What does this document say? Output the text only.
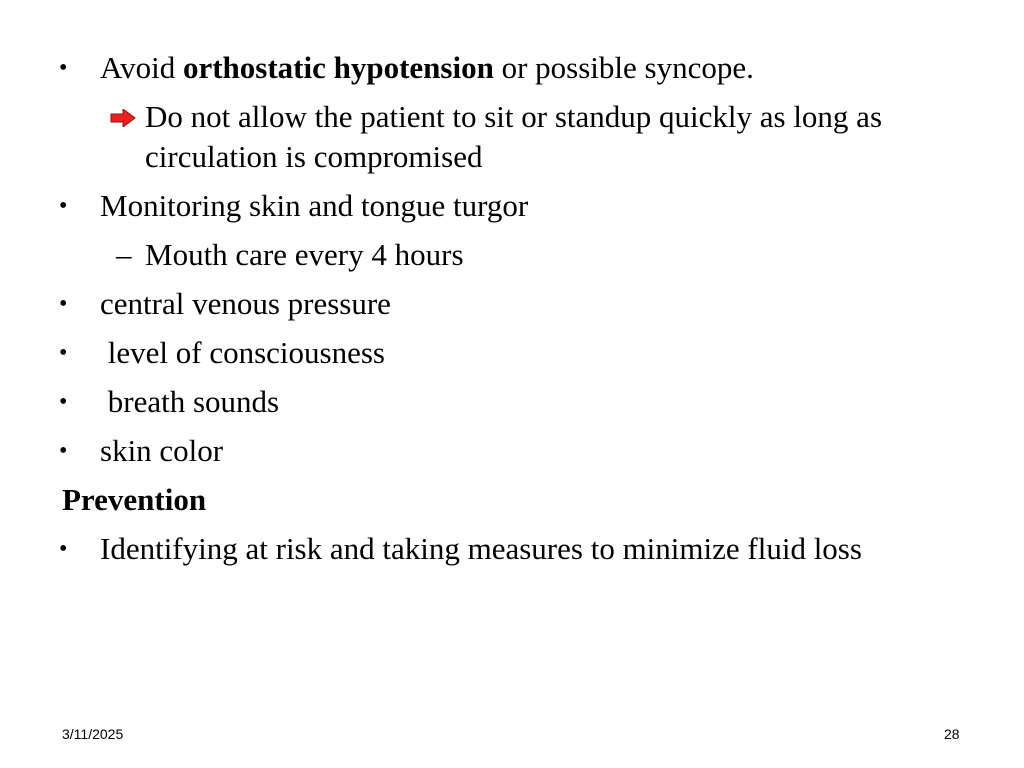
• Avoid orthostatic hypotension or possible syncope.
Do not allow the patient to sit or standup quickly as long as
circulation is compromised
• Monitoring skin and tongue turgor
– Mouth care every 4 hours
• central venous pressure
• level of consciousness
• breath sounds
• skin color
Prevention
• Identifying at risk and taking measures to minimize fluid loss
3/11/2025	28
